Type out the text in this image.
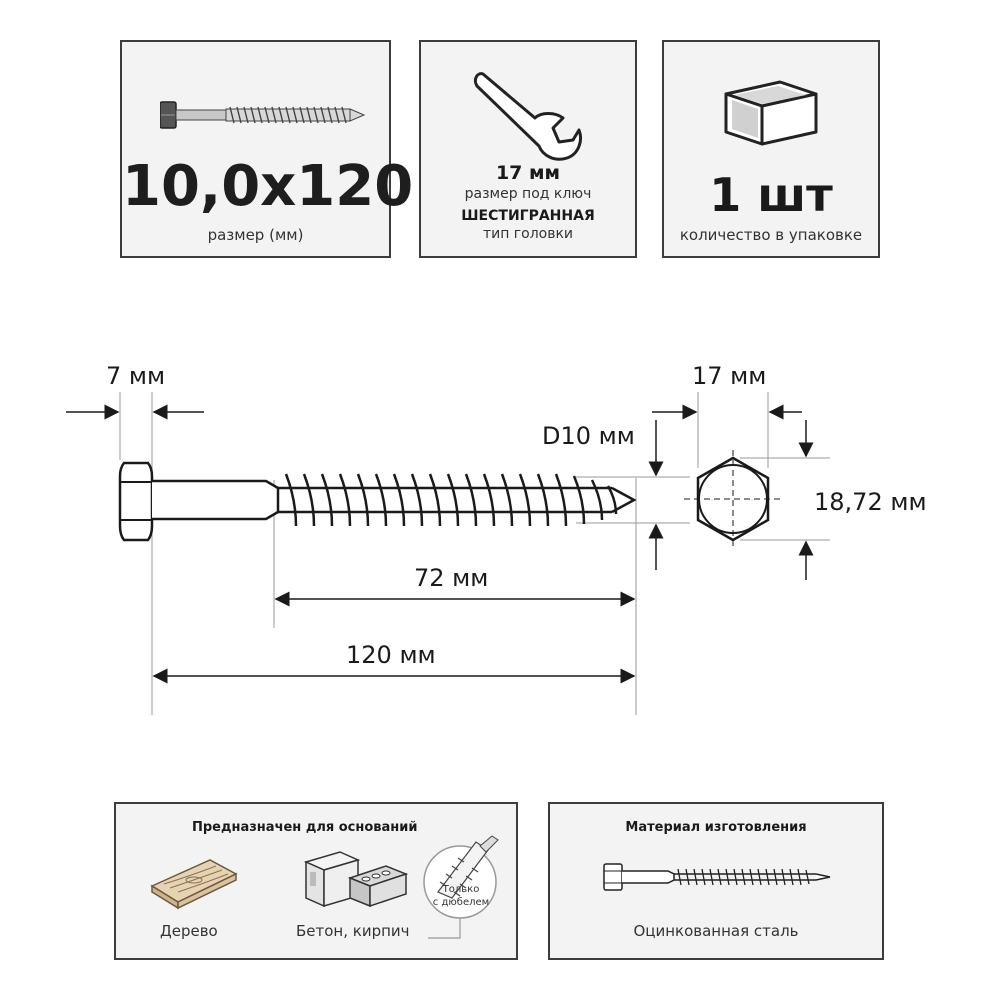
10,0x120
размер (мм)
17 мм
размер под ключ
ШЕСТИГРАННАЯ
тип головки
1 шт
количество в упаковке
7 мм	17 мм
D10 мм
18,72 мм
72 мм
120 мм
Предназначен для оснований
Дерево	Бетон, кирпич
Только
с дюбелем
Материал изготовления
Оцинкованная сталь
